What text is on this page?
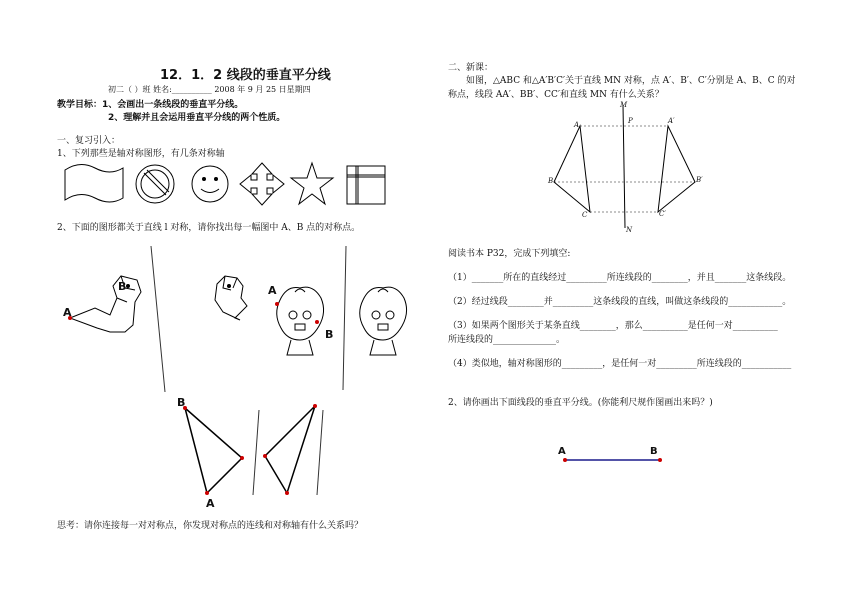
12．1．2 线段的垂直平分线
初二（ ）班 姓名:__________ 2008 年 9 月 25 日星期四
教学目标：1、会画出一条线段的垂直平分线。
2、理解并且会运用垂直平分线的两个性质。
一、复习引入：
1、下列那些是轴对称图形，有几条对称轴
2、下面的图形都关于直线 l 对称，请你找出每一幅图中 A、B 点的对称点。
A
B	A
B
B
A
思考：请你连接每一对对称点，你发现对称点的连线和对称轴有什么关系吗？
二、新课：
如图，△ABC 和△A′B′C′关于直线 MN 对称，点 A′、B′、C′分别是 A、B、C 的对
称点，线段 AA′、BB′、CC′和直线 MN 有什么关系？
M
P
N
A
B
C
A′
B′
C′
阅读书本 P32，完成下列填空:
（1）_______所在的直线经过_________所连线段的________，并且_______这条线段。
（2）经过线段________并_________这条线段的直线，叫做这条线段的____________。
（3）如果两个图形关于某条直线________，那么__________是任何一对__________
所连线段的______________。
（4）类似地，轴对称图形的_________，是任何一对_________所连线段的___________
2、请你画出下面线段的垂直平分线。(你能利尺规作图画出来吗？)
A	B
